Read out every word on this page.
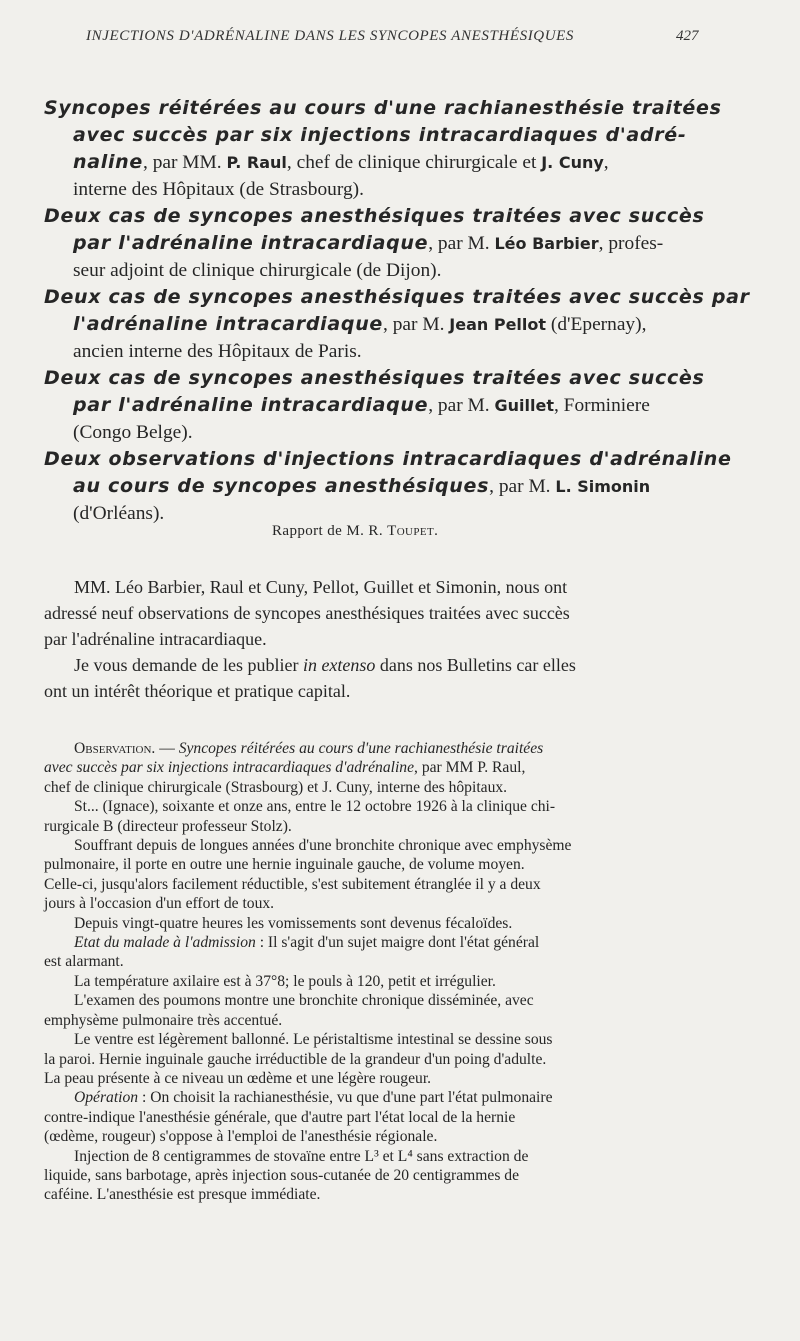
INJECTIONS D'ADRÉNALINE DANS LES SYNCOPES ANESTHÉSIQUES	427

Syncopes réitérées au cours d'une rachianesthésie traitées
avec succès par six injections intracardiaques d'adré-
naline, par MM. P. Raul, chef de clinique chirurgicale et J. Cuny,
interne des Hôpitaux (de Strasbourg).

Deux cas de syncopes anesthésiques traitées avec succès
par l'adrénaline intracardiaque, par M. Léo Barbier, profes-
seur adjoint de clinique chirurgicale (de Dijon).

Deux cas de syncopes anesthésiques traitées avec succès par
l'adrénaline intracardiaque, par M. Jean Pellot (d'Epernay),
ancien interne des Hôpitaux de Paris.

Deux cas de syncopes anesthésiques traitées avec succès
par l'adrénaline intracardiaque, par M. Guillet, Forminiere
(Congo Belge).

Deux observations d'injections intracardiaques d'adrénaline
au cours de syncopes anesthésiques, par M. L. Simonin
(d'Orléans).

Rapport de M. R. Toupet.
MM. Léo Barbier, Raul et Cuny, Pellot, Guillet et Simonin, nous ont
adressé neuf observations de syncopes anesthésiques traitées avec succès
par l'adrénaline intracardiaque.
Je vous demande de les publier in extenso dans nos Bulletins car elles
ont un intérêt théorique et pratique capital.
Observation. — Syncopes réitérées au cours d'une rachianesthésie traitées
avec succès par six injections intracardiaques d'adrénaline, par MM P. Raul,
chef de clinique chirurgicale (Strasbourg) et J. Cuny, interne des hôpitaux.
St... (Ignace), soixante et onze ans, entre le 12 octobre 1926 à la clinique chi-
rurgicale B (directeur professeur Stolz).
Souffrant depuis de longues années d'une bronchite chronique avec emphysème
pulmonaire, il porte en outre une hernie inguinale gauche, de volume moyen.
Celle-ci, jusqu'alors facilement réductible, s'est subitement étranglée il y a deux
jours à l'occasion d'un effort de toux.
Depuis vingt-quatre heures les vomissements sont devenus fécaloïdes.
Etat du malade à l'admission : Il s'agit d'un sujet maigre dont l'état général
est alarmant.
La température axilaire est à 37°8; le pouls à 120, petit et irrégulier.
L'examen des poumons montre une bronchite chronique disséminée, avec
emphysème pulmonaire très accentué.
Le ventre est légèrement ballonné. Le péristaltisme intestinal se dessine sous
la paroi. Hernie inguinale gauche irréductible de la grandeur d'un poing d'adulte.
La peau présente à ce niveau un œdème et une légère rougeur.
Opération : On choisit la rachianesthésie, vu que d'une part l'état pulmonaire
contre-indique l'anesthésie générale, que d'autre part l'état local de la hernie
(œdème, rougeur) s'oppose à l'emploi de l'anesthésie régionale.
Injection de 8 centigrammes de stovaïne entre L³ et L⁴ sans extraction de
liquide, sans barbotage, après injection sous-cutanée de 20 centigrammes de
caféine. L'anesthésie est presque immédiate.
